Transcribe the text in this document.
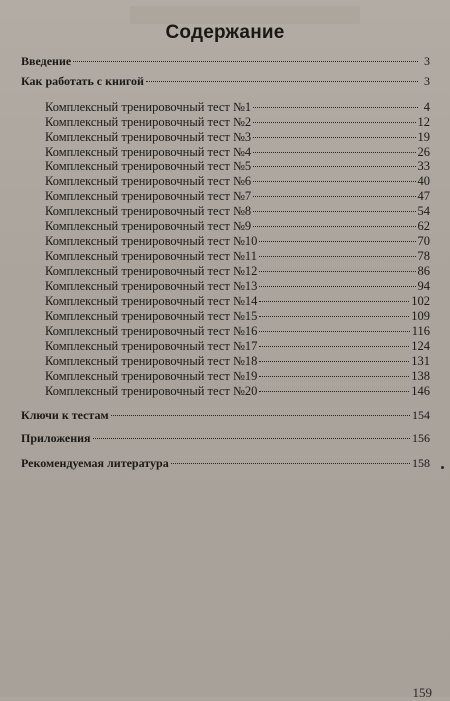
Содержание
Введение	3
Как работать с книгой	3
Комплексный тренировочный тест №1	4
Комплексный тренировочный тест №2	12
Комплексный тренировочный тест №3	19
Комплексный тренировочный тест №4	26
Комплексный тренировочный тест №5	33
Комплексный тренировочный тест №6	40
Комплексный тренировочный тест №7	47
Комплексный тренировочный тест №8	54
Комплексный тренировочный тест №9	62
Комплексный тренировочный тест №10	70
Комплексный тренировочный тест №11	78
Комплексный тренировочный тест №12	86
Комплексный тренировочный тест №13	94
Комплексный тренировочный тест №14	102
Комплексный тренировочный тест №15	109
Комплексный тренировочный тест №16	116
Комплексный тренировочный тест №17	124
Комплексный тренировочный тест №18	131
Комплексный тренировочный тест №19	138
Комплексный тренировочный тест №20	146
Ключи к тестам	154
Приложения	156
Рекомендуемая литература	158
159
